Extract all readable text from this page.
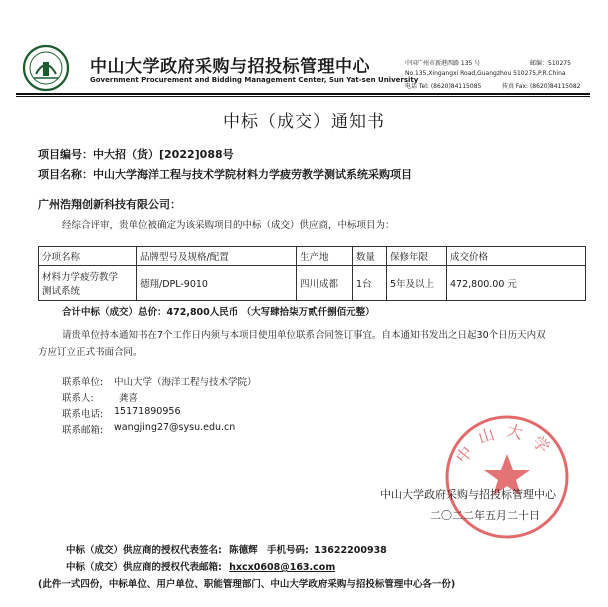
中山大学政府采购与招投标管理中心
Government Procurement and Bidding Management Center, Sun Yat-sen University
中国广州市新港西路 135 号	邮编：510275
No.135,Xingangxi Road,Guangzhou 510275,P.R.China
电话 Tel: (8620)84115085	传真 Fax: (8620)84115082
中标（成交）通知书
项目编号：中大招（货）[2022]088号
项目名称：中山大学海洋工程与技术学院材料力学疲劳教学测试系统采购项目
广州浩翔创新科技有限公司：
经综合评审，贵单位被确定为该采购项目的中标（成交）供应商，中标项目为：
分项名称	品牌型号及规格/配置	生产地	数量	保修年限	成交价格

材料力学疲劳教学
测试系统	德翔/DPL-9010	四川成都	1台	5年及以上	472,800.00 元
合计中标（成交）总价：472,800人民币 （大写肆拾柒万贰仟捌佰元整）
请贵单位持本通知书在7个工作日内须与本项目使用单位联系合同签订事宜。自本通知书发出之日起30个日历天内双
方应订立正式书面合同。
联系单位: 中山大学（海洋工程与技术学院）
联系人:	龚喜
联系电话: 15171890956
联系邮箱: wangjing27@sysu.edu.cn
中山大学
中山大学政府采购与招投标管理中心
二〇二二年五月二十日
中标（成交）供应商的授权代表签名: 陈德辉 手机号码: 13622200938
中标（成交）供应商的授权代表邮箱: hxcx0608@163.com
(此件一式四份，中标单位、用户单位、职能管理部门、中山大学政府采购与招投标管理中心各一份)
